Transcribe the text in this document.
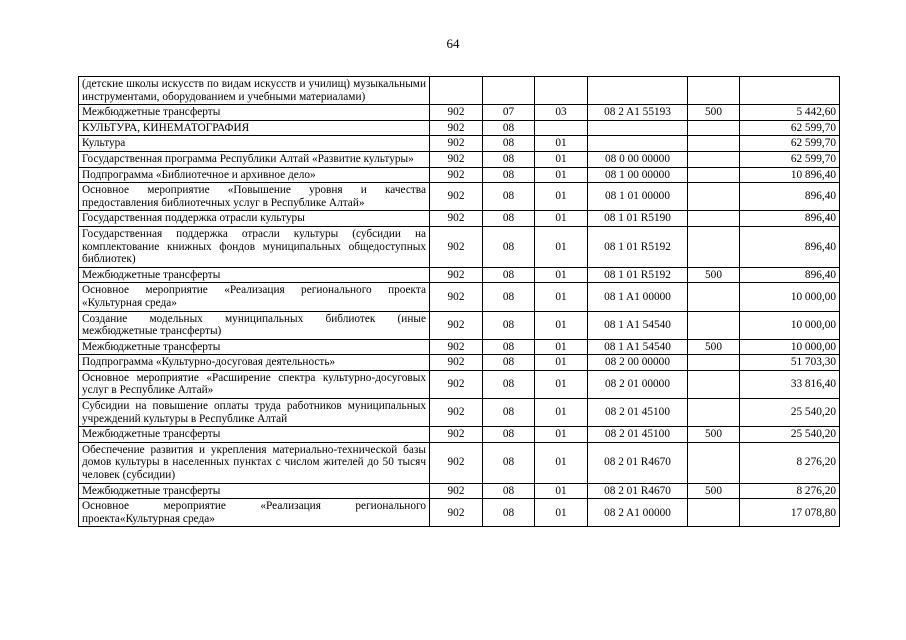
64
(детские школы искусств по видам искусств и училищ) музыкальными инструментами, оборудованием и учебными материалами)						
Межбюджетные трансферты	902	07	03	08 2 A1 55193	500	5 442,60
КУЛЬТУРА, КИНЕМАТОГРАФИЯ	902	08				62 599,70
Культура	902	08	01			62 599,70
Государственная программа Республики Алтай «Развитие культуры»	902	08	01	08 0 00 00000		62 599,70
Подпрограмма «Библиотечное и архивное дело»	902	08	01	08 1 00 00000		10 896,40
Основное мероприятие «Повышение уровня и качества предоставления библиотечных услуг в Республике Алтай»	902	08	01	08 1 01 00000		896,40
Государственная поддержка отрасли культуры	902	08	01	08 1 01 R5190		896,40
Государственная поддержка отрасли культуры (субсидии на комплектование книжных фондов муниципальных общедоступных библиотек)	902	08	01	08 1 01 R5192		896,40
Межбюджетные трансферты	902	08	01	08 1 01 R5192	500	896,40
Основное мероприятие «Реализация регионального проекта «Культурная среда»	902	08	01	08 1 A1 00000		10 000,00
Создание модельных муниципальных библиотек (иные межбюджетные трансферты)	902	08	01	08 1 A1 54540		10 000,00
Межбюджетные трансферты	902	08	01	08 1 A1 54540	500	10 000,00
Подпрограмма «Культурно-досуговая деятельность»	902	08	01	08 2 00 00000		51 703,30
Основное мероприятие «Расширение спектра культурно-досуговых услуг в Республике Алтай»	902	08	01	08 2 01 00000		33 816,40
Субсидии на повышение оплаты труда работников муниципальных учреждений культуры в Республике Алтай	902	08	01	08 2 01 45100		25 540,20
Межбюджетные трансферты	902	08	01	08 2 01 45100	500	25 540,20
Обеспечение развития и укрепления материально-технической базы домов культуры в населенных пунктах с числом жителей до 50 тысяч человек (субсидии)	902	08	01	08 2 01 R4670		8 276,20
Межбюджетные трансферты	902	08	01	08 2 01 R4670	500	8 276,20
Основное мероприятие «Реализация регионального проекта«Культурная среда»	902	08	01	08 2 A1 00000		17 078,80
